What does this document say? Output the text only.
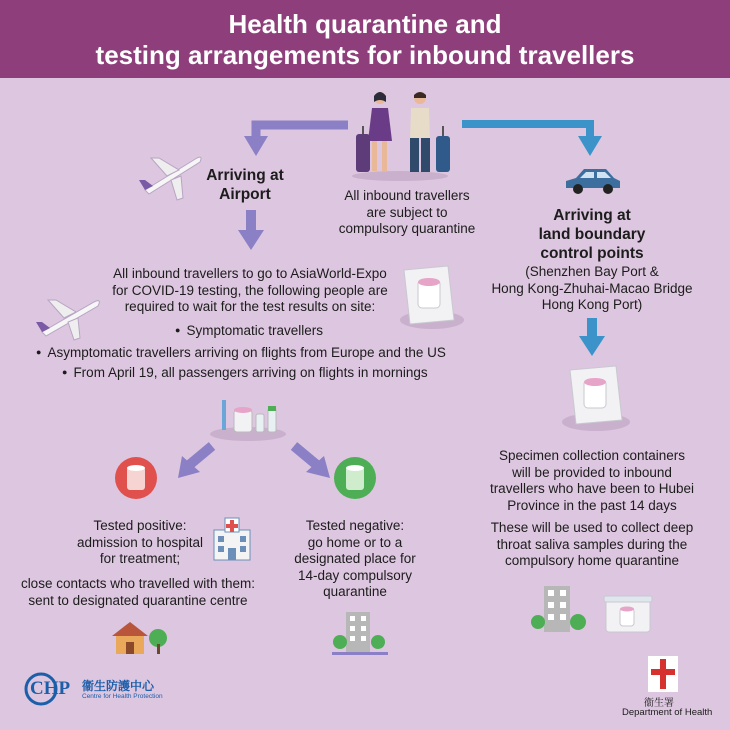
Health quarantine and
testing arrangements for inbound travellers
All inbound travellers
are subject to
compulsory quarantine
Arriving at
Airport
All inbound travellers to go to AsiaWorld-Expo
for COVID-19 testing, the following people are
required to wait for the test results on site:
● Symptomatic travellers
● Asymptomatic travellers arriving on flights from Europe and the US
● From April 19, all passengers arriving on flights in mornings
Tested positive:
admission to hospital
for treatment;
close contacts who travelled with them:
sent to designated quarantine centre
Tested negative:
go home or to a
designated place for
14-day compulsory
quarantine
Arriving at
land boundary
control points
(Shenzhen Bay Port &
Hong Kong-Zhuhai-Macao Bridge
Hong Kong Port)
Specimen collection containers
will be provided to inbound
travellers who have been to Hubei
Province in the past 14 days
These will be used to collect deep
throat saliva samples during the
compulsory home quarantine
CHP 衞生防護中心
Centre for Health Protection
衞生署
Department of Health
